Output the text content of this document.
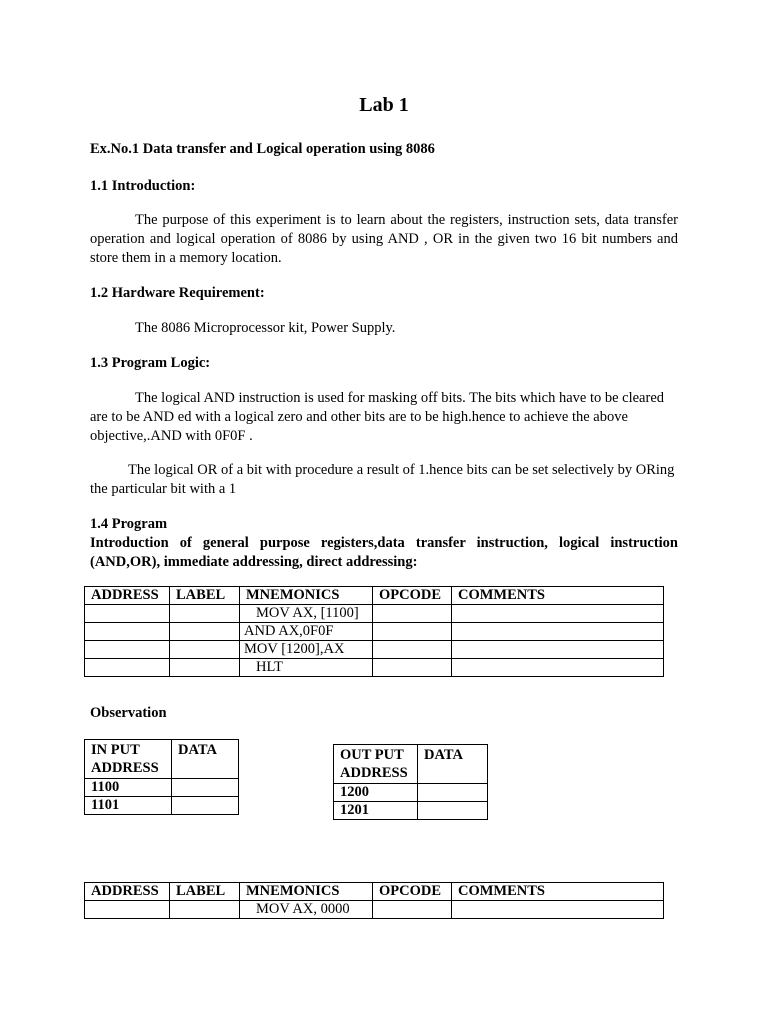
Lab 1
Ex.No.1 Data transfer and Logical operation using 8086
1.1 Introduction:
The purpose of this experiment is to learn about the registers, instruction sets, data transfer operation and logical operation of 8086 by using AND , OR in the given two 16 bit numbers and store them in a memory location.
1.2 Hardware Requirement:
The 8086 Microprocessor kit, Power Supply.
1.3 Program Logic:
The logical AND instruction is used for masking off bits. The bits which have to be cleared are to be AND ed with a logical zero and other bits are to be high.hence to achieve the above objective,.AND with 0F0F .
The logical OR of a bit with procedure a result of 1.hence bits can be set selectively by ORing the particular bit with a 1
1.4 Program
Introduction of general purpose registers,data transfer instruction, logical instruction (AND,OR), immediate addressing, direct addressing:
ADDRESS	LABEL	MNEMONICS	OPCODE	COMMENTS
		MOV AX, [1100]		
		AND AX,0F0F		
		MOV [1200],AX		
		HLT		
Observation
IN PUT ADDRESS	DATA
1100	
1101	
OUT PUT ADDRESS	DATA
1200	
1201	
ADDRESS	LABEL	MNEMONICS	OPCODE	COMMENTS
		MOV AX, 0000		
